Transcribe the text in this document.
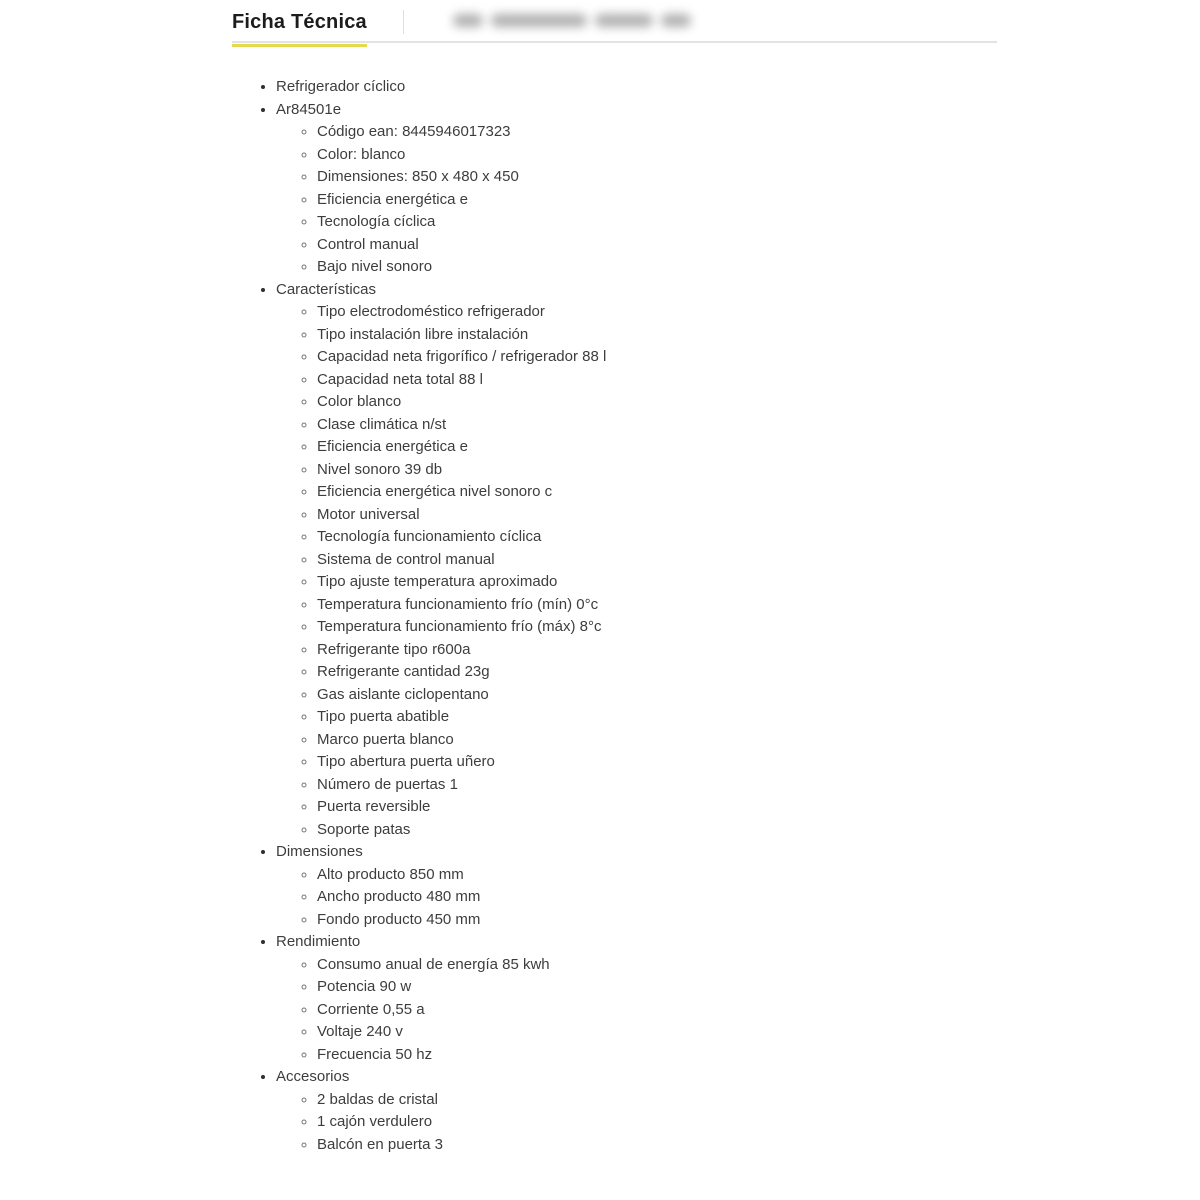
Ficha Técnica
• Refrigerador cíclico
• Ar84501e
◦ Código ean: 8445946017323
◦ Color: blanco
◦ Dimensiones: 850 x 480 x 450
◦ Eficiencia energética e
◦ Tecnología cíclica
◦ Control manual
◦ Bajo nivel sonoro
• Características
◦ Tipo electrodoméstico refrigerador
◦ Tipo instalación libre instalación
◦ Capacidad neta frigorífico / refrigerador 88 l
◦ Capacidad neta total 88 l
◦ Color blanco
◦ Clase climática n/st
◦ Eficiencia energética e
◦ Nivel sonoro 39 db
◦ Eficiencia energética nivel sonoro c
◦ Motor universal
◦ Tecnología funcionamiento cíclica
◦ Sistema de control manual
◦ Tipo ajuste temperatura aproximado
◦ Temperatura funcionamiento frío (mín) 0°c
◦ Temperatura funcionamiento frío (máx) 8°c
◦ Refrigerante tipo r600a
◦ Refrigerante cantidad 23g
◦ Gas aislante ciclopentano
◦ Tipo puerta abatible
◦ Marco puerta blanco
◦ Tipo abertura puerta uñero
◦ Número de puertas 1
◦ Puerta reversible
◦ Soporte patas
• Dimensiones
◦ Alto producto 850 mm
◦ Ancho producto 480 mm
◦ Fondo producto 450 mm
• Rendimiento
◦ Consumo anual de energía 85 kwh
◦ Potencia 90 w
◦ Corriente 0,55 a
◦ Voltaje 240 v
◦ Frecuencia 50 hz
• Accesorios
◦ 2 baldas de cristal
◦ 1 cajón verdulero
◦ Balcón en puerta 3
